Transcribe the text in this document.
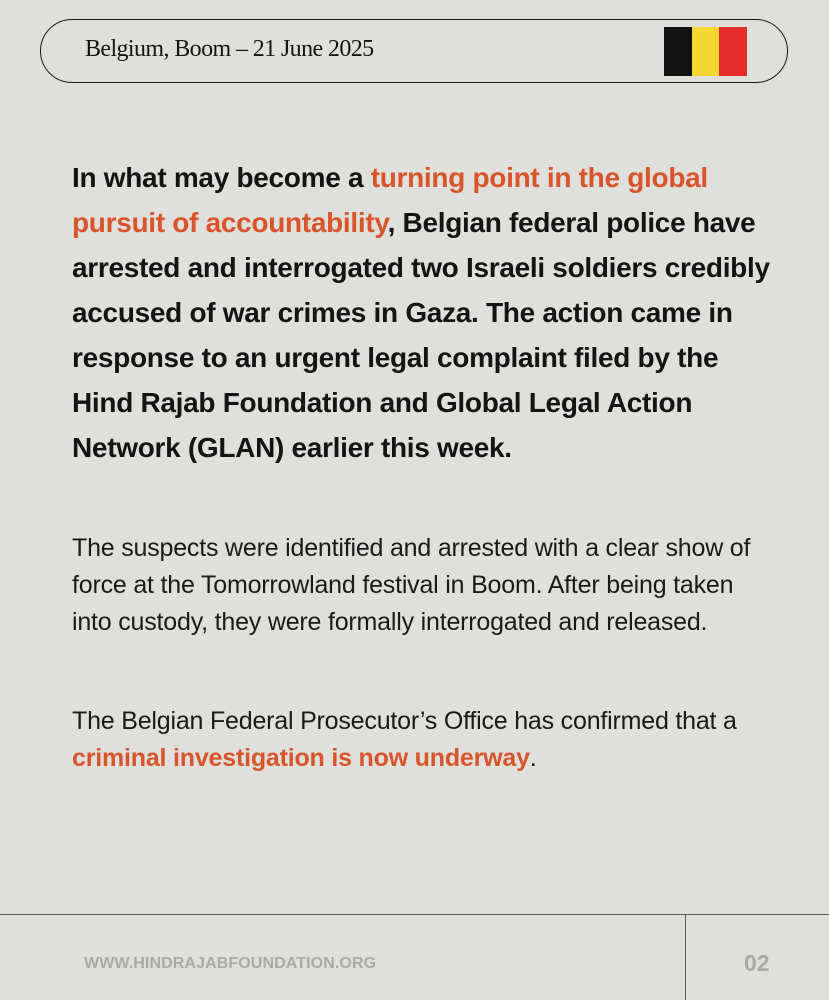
Belgium, Boom – 21 June 2025

In what may become a turning point in the global pursuit of accountability, Belgian federal police have arrested and interrogated two Israeli soldiers credibly accused of war crimes in Gaza. The action came in response to an urgent legal complaint filed by the Hind Rajab Foundation and Global Legal Action Network (GLAN) earlier this week.

The suspects were identified and arrested with a clear show of force at the Tomorrowland festival in Boom. After being taken into custody, they were formally interrogated and released.

The Belgian Federal Prosecutor’s Office has confirmed that a criminal investigation is now underway.

WWW.HINDRAJABFOUNDATION.ORG	02
